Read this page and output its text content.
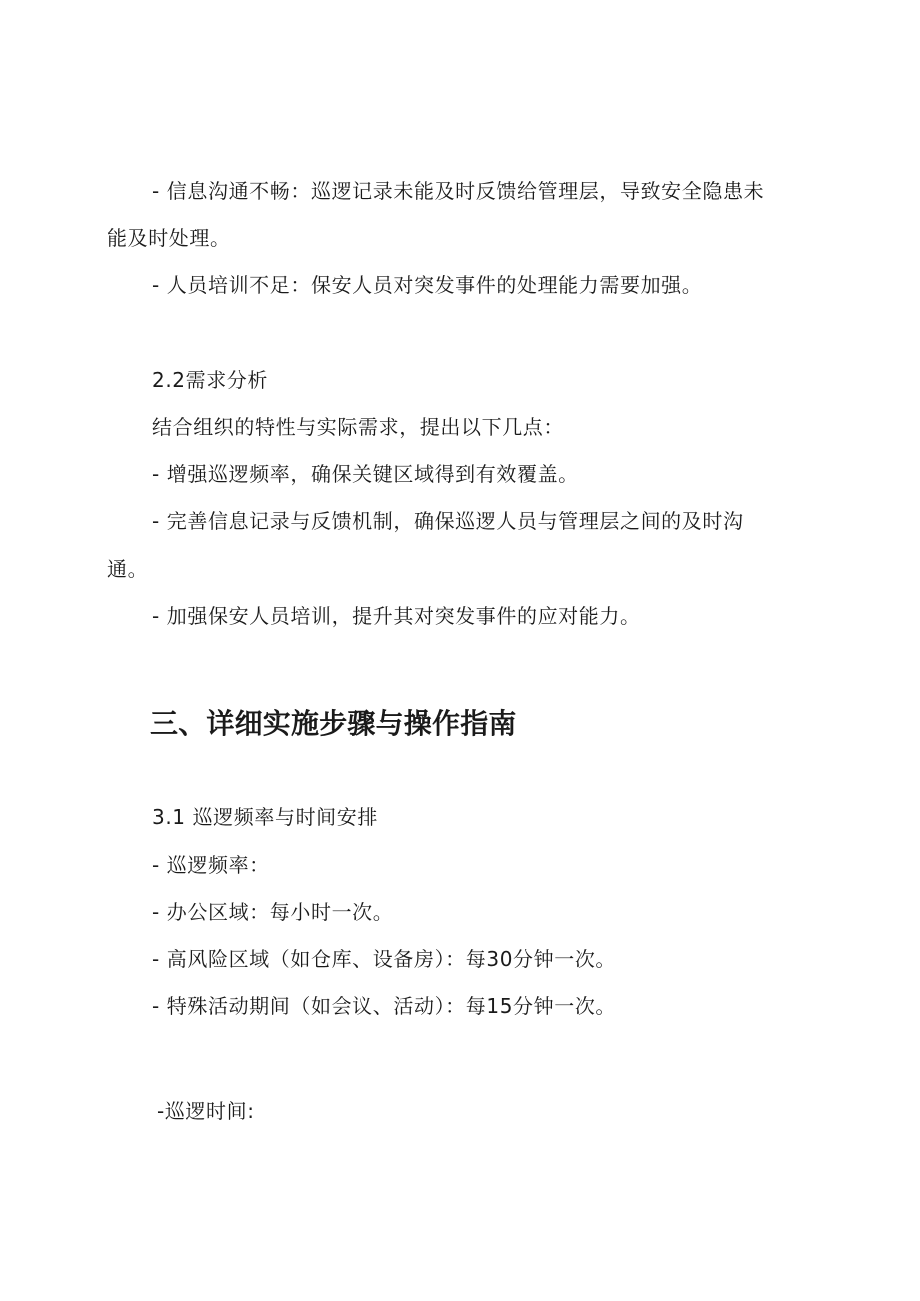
- 信息沟通不畅：巡逻记录未能及时反馈给管理层，导致安全隐患未
能及时处理。
- 人员培训不足：保安人员对突发事件的处理能力需要加强。
2.2需求分析
结合组织的特性与实际需求，提出以下几点：
- 增强巡逻频率，确保关键区域得到有效覆盖。
- 完善信息记录与反馈机制，确保巡逻人员与管理层之间的及时沟
通。
- 加强保安人员培训，提升其对突发事件的应对能力。
三、详细实施步骤与操作指南
3.1 巡逻频率与时间安排
- 巡逻频率：
- 办公区域：每小时一次。
- 高风险区域（如仓库、设备房）：每30分钟一次。
- 特殊活动期间（如会议、活动）：每15分钟一次。
-巡逻时间:
